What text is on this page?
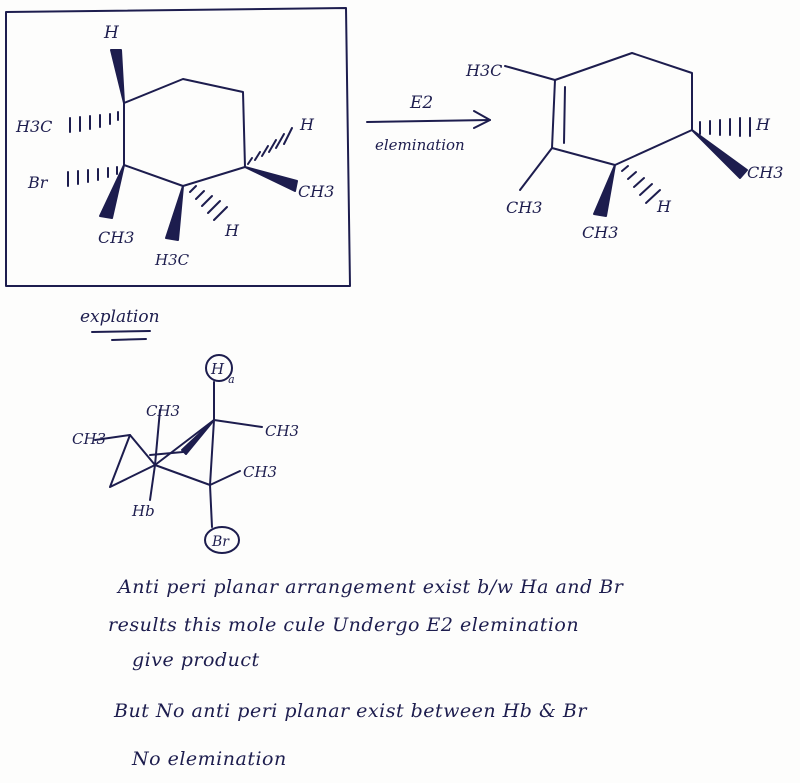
H
H3C
Br
CH3
H3C
H
H
CH3
E2
elemination
H3C
H
CH3
CH3
CH3
H
explation
$H_a$
CH3
CH3
CH3
CH3
Hb
Br
Anti peri planar arrangement exist b/w Ha and Br
results this mole cule Undergo E2 elemination
give product
But No anti peri planar exist between Hb & Br
No elemination
